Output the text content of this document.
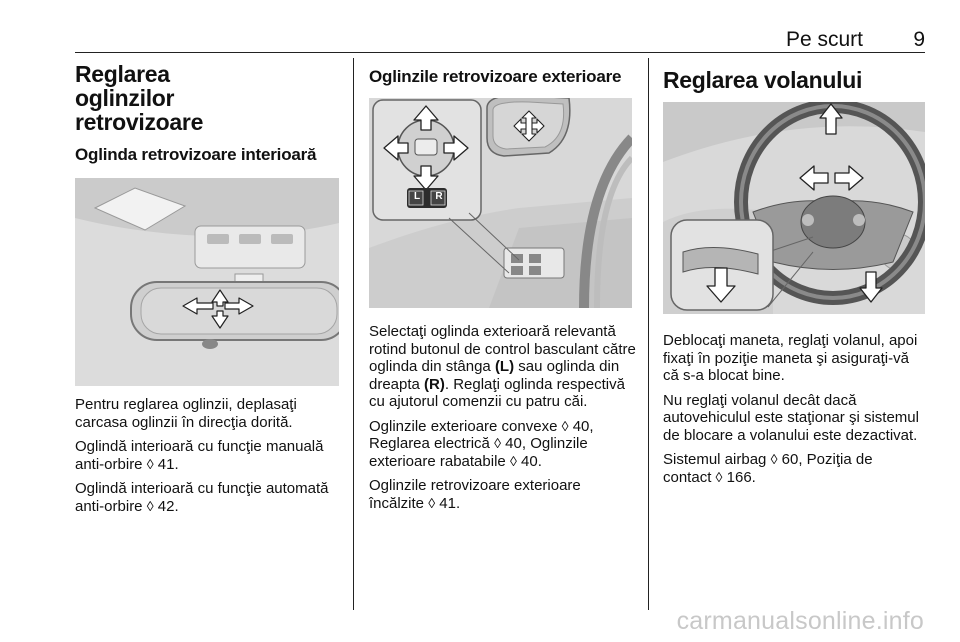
Pe scurt 9
Reglarea oglinzilor retrovizoare
Oglinda retrovizoare interioară

Pentru reglarea oglinzii, deplasaţi carcasa oglinzii în direcţia dorită.

Oglindă interioară cu funcţie manuală anti-orbire ◊ 41.

Oglindă interioară cu funcţie automată anti-orbire ◊ 42.

Oglinzile retrovizoare exterioare
L R

Selectaţi oglinda exterioară relevantă rotind butonul de control basculant către oglinda din stânga (L) sau oglinda din dreapta (R). Reglaţi oglinda respectivă cu ajutorul comenzii cu patru căi.

Oglinzile exterioare convexe ◊ 40, Reglarea electrică ◊ 40, Oglinzile exterioare rabatabile ◊ 40.

Oglinzile retrovizoare exterioare încălzite ◊ 41.

Reglarea volanului

Deblocaţi maneta, reglaţi volanul, apoi fixaţi în poziţie maneta şi asiguraţi-vă că s-a blocat bine.

Nu reglaţi volanul decât dacă autovehiculul este staţionar şi sistemul de blocare a volanului este dezactivat.

Sistemul airbag ◊ 60, Poziţia de contact ◊ 166.

carmanualsonline.info
